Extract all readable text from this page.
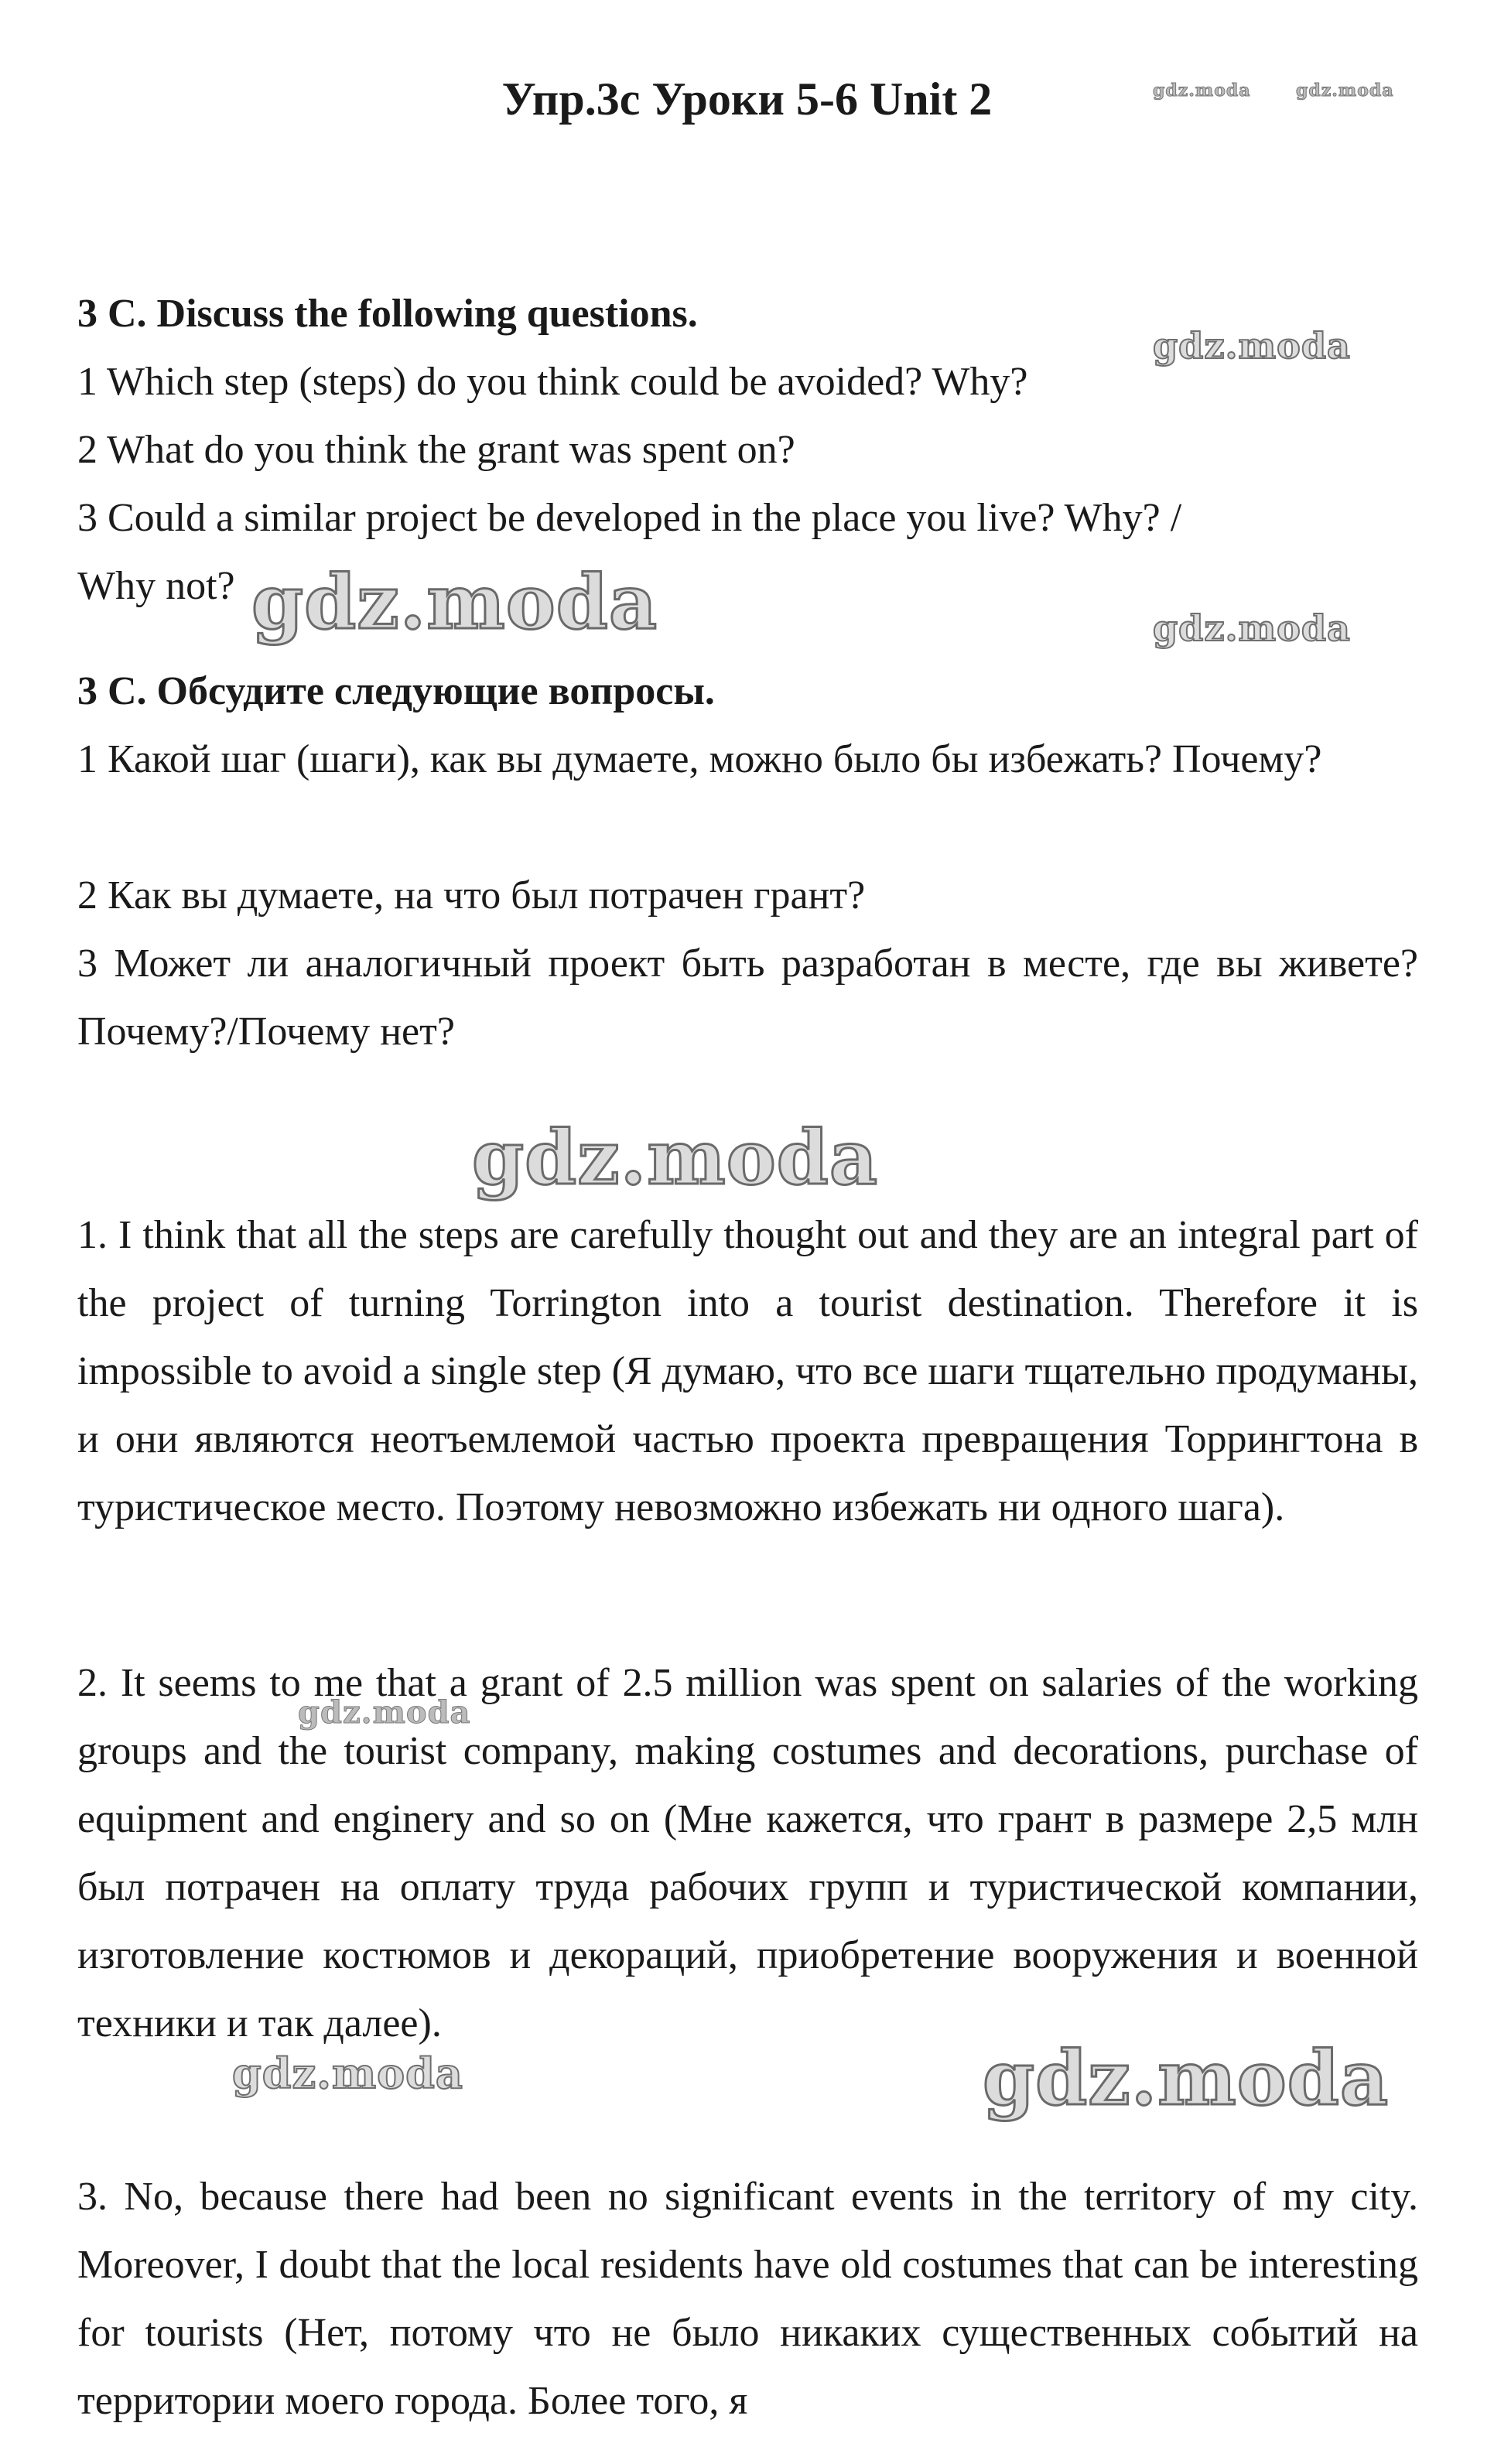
Упр.3c Уроки 5-6 Unit 2
3 C. Discuss the following questions.
1 Which step (steps) do you think could be avoided? Why?
2 What do you think the grant was spent on?
3 Could a similar project be developed in the place you live? Why? /
Why not?
3 C. Обсудите следующие вопросы.
1 Какой шаг (шаги), как вы думаете, можно было бы избежать? Почему?
2 Как вы думаете, на что был потрачен грант?
3 Может ли аналогичный проект быть разработан в месте, где вы живете? Почему?/Почему нет?
1. I think that all the steps are carefully thought out and they are an integral part of the project of turning Torrington into a tourist destination. Therefore it is impossible to avoid a single step (Я думаю, что все шаги тщательно продуманы, и они являются неотъемлемой частью проекта превращения Торрингтона в туристическое место. Поэтому невозможно избежать ни одного шага).
2. It seems to me that a grant of 2.5 million was spent on salaries of the working groups and the tourist company, making costumes and decorations, purchase of equipment and enginery and so on (Мне кажется, что грант в размере 2,5 млн был потрачен на оплату труда рабочих групп и туристической компании, изготовление костюмов и декораций, приобретение вооружения и военной техники и так далее).
3. No, because there had been no significant events in the territory of my city. Moreover, I doubt that the local residents have old costumes that can be interesting for tourists (Нет, потому что не было никаких существенных событий на территории моего города. Более того, я
gdz.moda	gdz.moda
gdz.moda
gdz.moda	gdz.moda
gdz.moda
gdz.moda
gdz.moda	gdz.moda
